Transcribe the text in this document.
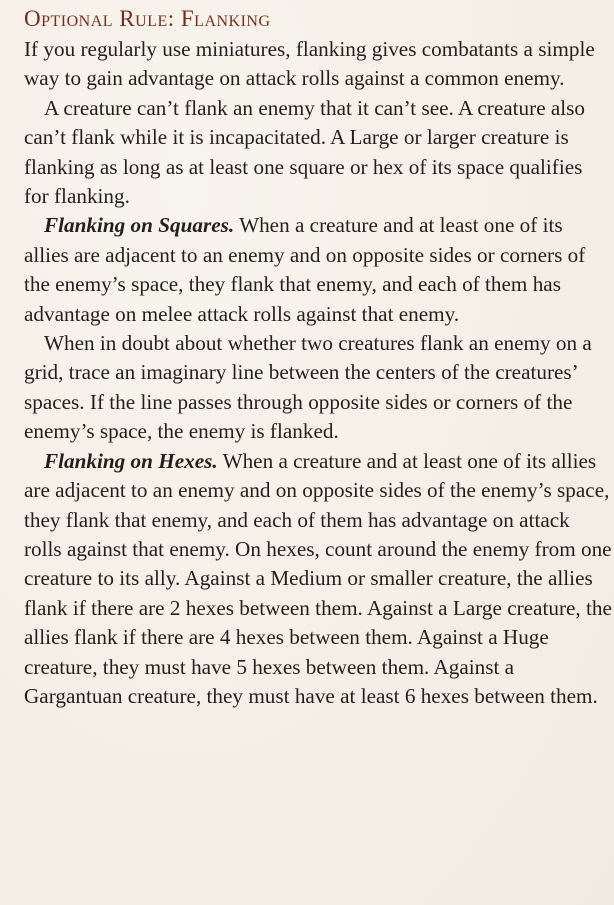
Optional Rule: Flanking

If you regularly use miniatures, flanking gives combatants a simple way to gain advantage on attack rolls against a common enemy.

A creature can’t flank an enemy that it can’t see. A creature also can’t flank while it is incapacitated. A Large or larger creature is flanking as long as at least one square or hex of its space qualifies for flanking.

Flanking on Squares. When a creature and at least one of its allies are adjacent to an enemy and on opposite sides or corners of the enemy’s space, they flank that enemy, and each of them has advantage on melee attack rolls against that enemy.

When in doubt about whether two creatures flank an enemy on a grid, trace an imaginary line between the centers of the creatures’ spaces. If the line passes through opposite sides or corners of the enemy’s space, the enemy is flanked.

Flanking on Hexes. When a creature and at least one of its allies are adjacent to an enemy and on opposite sides of the enemy’s space, they flank that enemy, and each of them has advantage on attack rolls against that enemy. On hexes, count around the enemy from one creature to its ally. Against a Medium or smaller creature, the allies flank if there are 2 hexes between them. Against a Large creature, the allies flank if there are 4 hexes between them. Against a Huge creature, they must have 5 hexes between them. Against a Gargantuan creature, they must have at least 6 hexes between them.
